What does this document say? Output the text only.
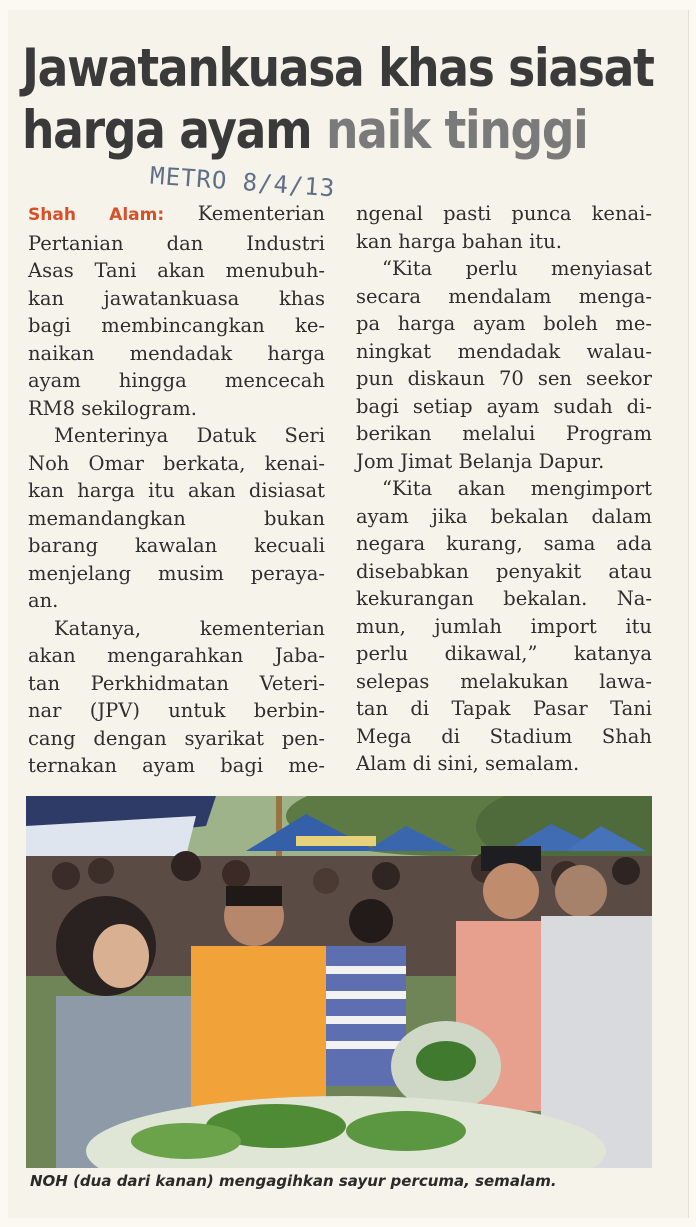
Jawatankuasa khas siasat
harga ayam naik tinggi
METRO 8/4/13
Shah Alam: Kementerian
Pertanian dan Industri
Asas Tani akan menubuh-
kan jawatankuasa khas
bagi membincangkan ke-
naikan mendadak harga
ayam hingga mencecah
RM8 sekilogram.
Menterinya Datuk Seri
Noh Omar berkata, kenai-
kan harga itu akan disiasat
memandangkan bukan
barang kawalan kecuali
menjelang musim peraya-
an.
Katanya, kementerian
akan mengarahkan Jaba-
tan Perkhidmatan Veteri-
nar (JPV) untuk berbin-
cang dengan syarikat pen-
ternakan ayam bagi me-
ngenal pasti punca kenai-
kan harga bahan itu.
“Kita perlu menyiasat
secara mendalam menga-
pa harga ayam boleh me-
ningkat mendadak walau-
pun diskaun 70 sen seekor
bagi setiap ayam sudah di-
berikan melalui Program
Jom Jimat Belanja Dapur.
“Kita akan mengimport
ayam jika bekalan dalam
negara kurang, sama ada
disebabkan penyakit atau
kekurangan bekalan. Na-
mun, jumlah import itu
perlu dikawal,” katanya
selepas melakukan lawa-
tan di Tapak Pasar Tani
Mega di Stadium Shah
Alam di sini, semalam.
NOH (dua dari kanan) mengagihkan sayur percuma, semalam.
